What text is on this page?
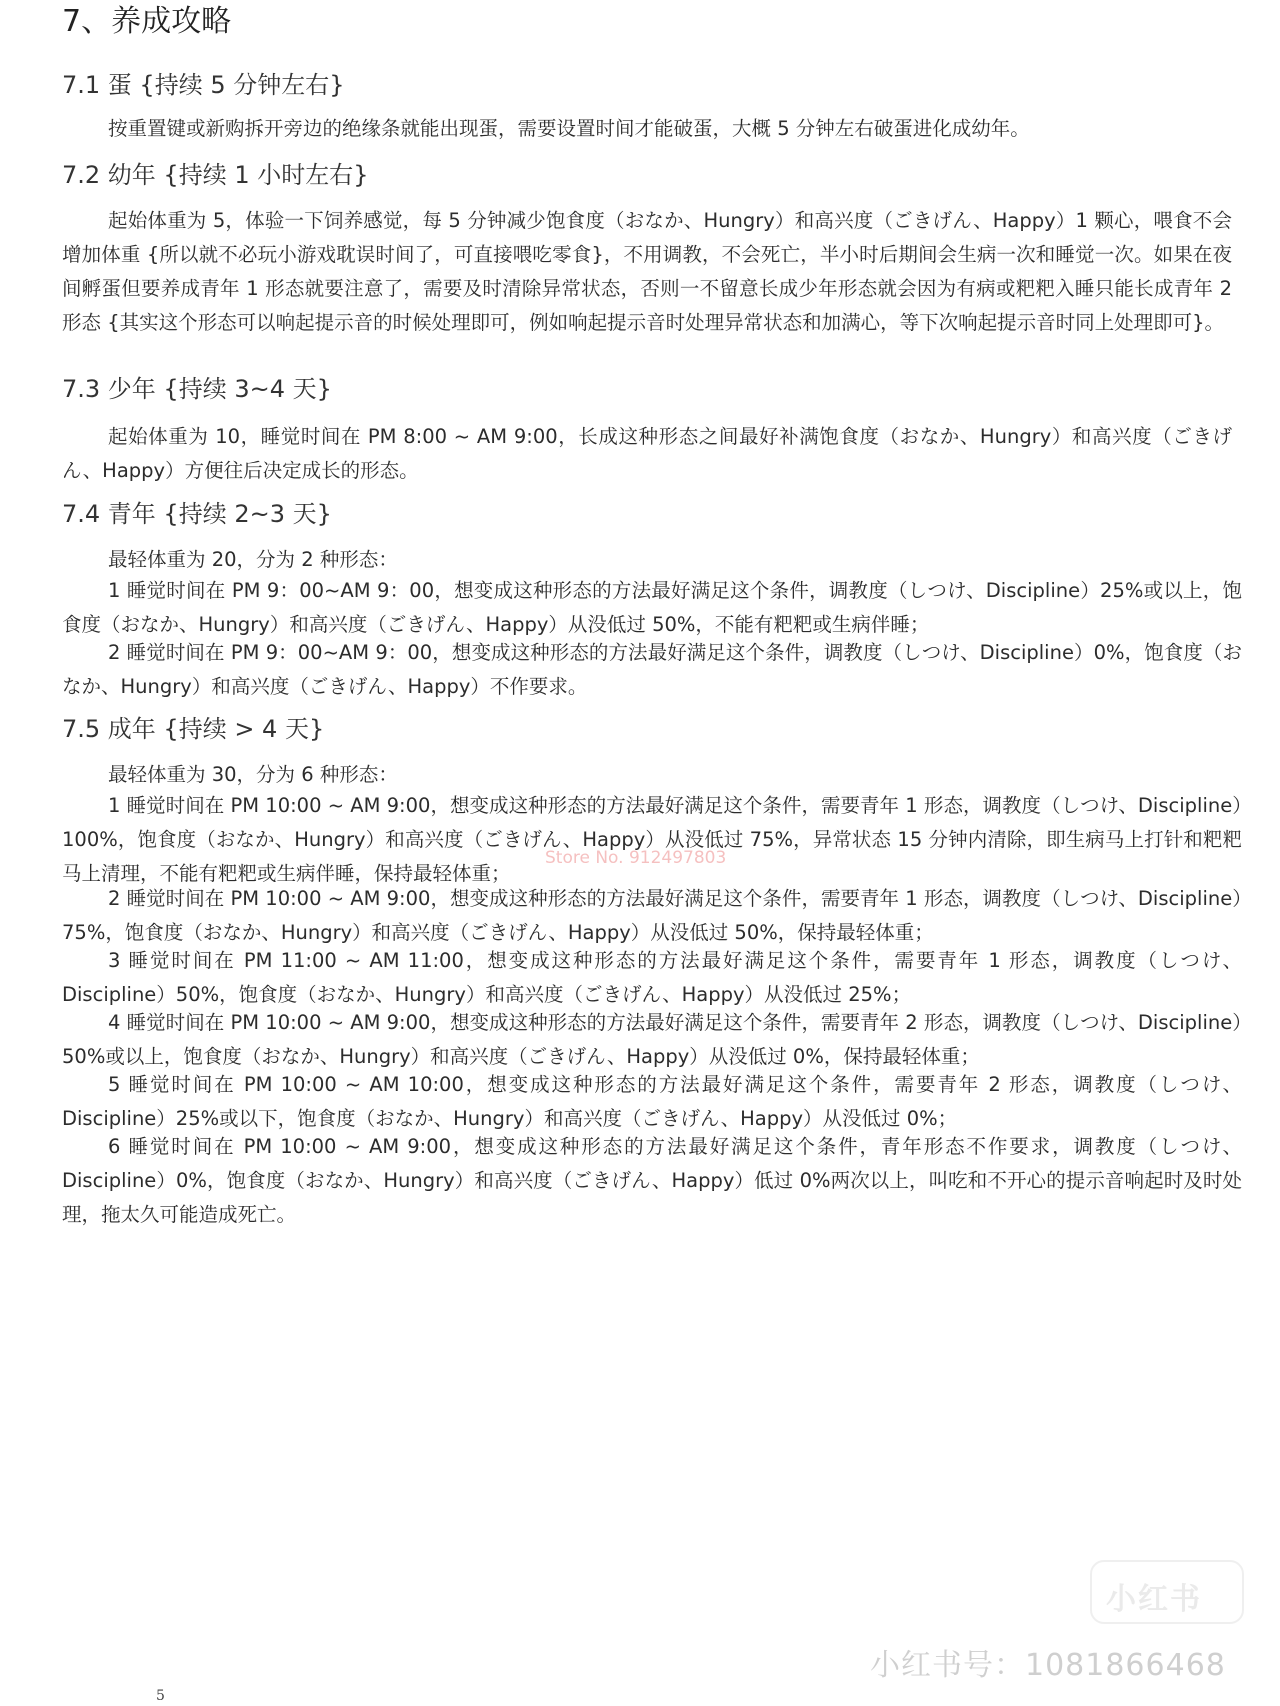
7、养成攻略
7.1 蛋 {持续 5 分钟左右}

按重置键或新购拆开旁边的绝缘条就能出现蛋，需要设置时间才能破蛋，大概 5 分钟左右破蛋进化成幼年。

7.2 幼年 {持续 1 小时左右}

起始体重为 5，体验一下饲养感觉，每 5 分钟减少饱食度（おなか、Hungry）和高兴度（ごきげん、Happy）1 颗心，喂食不会增加体重 {所以就不必玩小游戏耽误时间了，可直接喂吃零食}，不用调教，不会死亡，半小时后期间会生病一次和睡觉一次。如果在夜间孵蛋但要养成青年 1 形态就要注意了，需要及时清除异常状态，否则一不留意长成少年形态就会因为有病或粑粑入睡只能长成青年 2 形态 {其实这个形态可以响起提示音的时候处理即可，例如响起提示音时处理异常状态和加满心，等下次响起提示音时同上处理即可}。

7.3 少年 {持续 3~4 天}

起始体重为 10，睡觉时间在 PM 8:00 ~ AM 9:00，长成这种形态之间最好补满饱食度（おなか、Hungry）和高兴度（ごきげん、Happy）方便往后决定成长的形态。

7.4 青年 {持续 2~3 天}

最轻体重为 20，分为 2 种形态：

1 睡觉时间在 PM 9：00~AM 9：00，想变成这种形态的方法最好满足这个条件，调教度（しつけ、Discipline）25%或以上，饱食度（おなか、Hungry）和高兴度（ごきげん、Happy）从没低过 50%，不能有粑粑或生病伴睡；

2 睡觉时间在 PM 9：00~AM 9：00，想变成这种形态的方法最好满足这个条件，调教度（しつけ、Discipline）0%，饱食度（おなか、Hungry）和高兴度（ごきげん、Happy）不作要求。

7.5 成年 {持续 > 4 天}

最轻体重为 30，分为 6 种形态：

1 睡觉时间在 PM 10:00 ~ AM 9:00，想变成这种形态的方法最好满足这个条件，需要青年 1 形态，调教度（しつけ、Discipline）100%，饱食度（おなか、Hungry）和高兴度（ごきげん、Happy）从没低过 75%，异常状态 15 分钟内清除，即生病马上打针和粑粑马上清理，不能有粑粑或生病伴睡，保持最轻体重；

2 睡觉时间在 PM 10:00 ~ AM 9:00，想变成这种形态的方法最好满足这个条件，需要青年 1 形态，调教度（しつけ、Discipline）75%，饱食度（おなか、Hungry）和高兴度（ごきげん、Happy）从没低过 50%，保持最轻体重；

3 睡觉时间在 PM 11:00 ~ AM 11:00，想变成这种形态的方法最好满足这个条件，需要青年 1 形态，调教度（しつけ、Discipline）50%，饱食度（おなか、Hungry）和高兴度（ごきげん、Happy）从没低过 25%；

4 睡觉时间在 PM 10:00 ~ AM 9:00，想变成这种形态的方法最好满足这个条件，需要青年 2 形态，调教度（しつけ、Discipline）50%或以上，饱食度（おなか、Hungry）和高兴度（ごきげん、Happy）从没低过 0%，保持最轻体重；

5 睡觉时间在 PM 10:00 ~ AM 10:00，想变成这种形态的方法最好满足这个条件，需要青年 2 形态，调教度（しつけ、Discipline）25%或以下，饱食度（おなか、Hungry）和高兴度（ごきげん、Happy）从没低过 0%；

6 睡觉时间在 PM 10:00 ~ AM 9:00，想变成这种形态的方法最好满足这个条件，青年形态不作要求，调教度（しつけ、Discipline）0%，饱食度（おなか、Hungry）和高兴度（ごきげん、Happy）低过 0%两次以上，叫吃和不开心的提示音响起时及时处理，拖太久可能造成死亡。

Store No. 912497803
小红书
小红书号：1081866468
5
